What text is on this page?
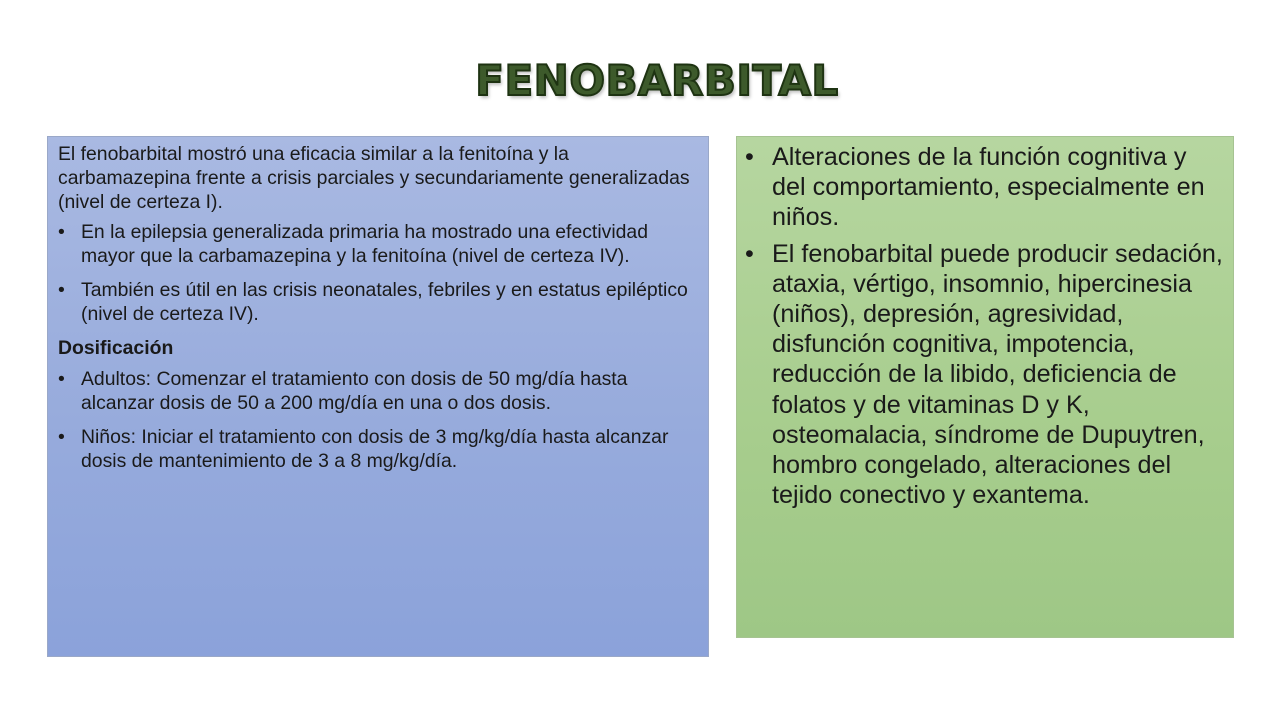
FENOBARBITAL

El fenobarbital mostró una eficacia similar a la fenitoína y la carbamazepina frente a crisis parciales y secundariamente generalizadas (nivel de certeza I).

• En la epilepsia generalizada primaria ha mostrado una efectividad mayor que la carbamazepina y la fenitoína (nivel de certeza IV).
• También es útil en las crisis neonatales, febriles y en estatus epiléptico (nivel de certeza IV).
Dosificación
• Adultos: Comenzar el tratamiento con dosis de 50 mg/día hasta alcanzar dosis de 50 a 200 mg/día en una o dos dosis.
• Niños: Iniciar el tratamiento con dosis de 3 mg/kg/día hasta alcanzar dosis de mantenimiento de 3 a 8 mg/kg/día.
• Alteraciones de la función cognitiva y del comportamiento, especialmente en niños.
• El fenobarbital puede producir sedación, ataxia, vértigo, insomnio, hipercinesia (niños), depresión, agresividad, disfunción cognitiva, impotencia, reducción de la libido, deficiencia de folatos y de vitaminas D y K, osteomalacia, síndrome de Dupuytren, hombro congelado, alteraciones del tejido conectivo y exantema.
